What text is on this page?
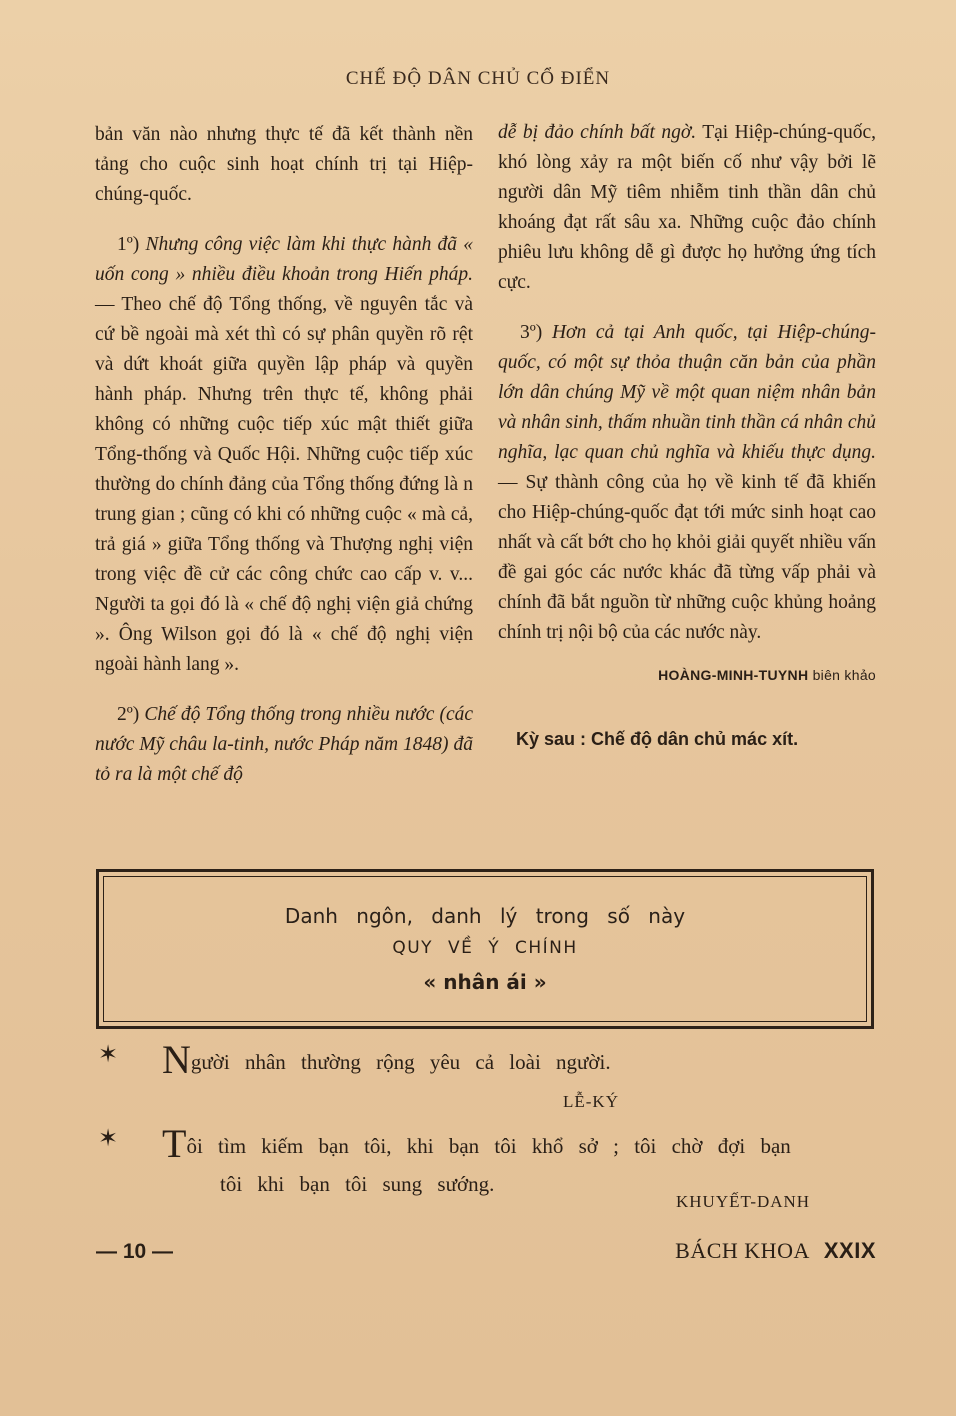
CHẾ ĐỘ DÂN CHỦ CỔ ĐIỂN

bản văn nào nhưng thực tế đã kết thành nền tảng cho cuộc sinh hoạt chính trị tại Hiệp-chúng-quốc.

1º) Nhưng công việc làm khi thực hành đã « uốn cong » nhiều điều khoản trong Hiến pháp. — Theo chế độ Tổng thống, về nguyên tắc và cứ bề ngoài mà xét thì có sự phân quyền rõ rệt và dứt khoát giữa quyền lập pháp và quyền hành pháp. Nhưng trên thực tế, không phải không có những cuộc tiếp xúc mật thiết giữa Tổng-thống và Quốc Hội. Những cuộc tiếp xúc thường do chính đảng của Tổng thống đứng là n trung gian ; cũng có khi có những cuộc « mà cả, trả giá » giữa Tổng thống và Thượng nghị viện trong việc đề cử các công chức cao cấp v. v... Người ta gọi đó là « chế độ nghị viện giả chứng ». Ông Wilson gọi đó là « chế độ nghị viện ngoài hành lang ».

2º) Chế độ Tổng thống trong nhiều nước (các nước Mỹ châu la-tinh, nước Pháp năm 1848) đã tỏ ra là một chế độ

dễ bị đảo chính bất ngờ. Tại Hiệp-chúng-quốc, khó lòng xảy ra một biến cố như vậy bởi lẽ người dân Mỹ tiêm nhiễm tinh thần dân chủ khoáng đạt rất sâu xa. Những cuộc đảo chính phiêu lưu không dễ gì được họ hưởng ứng tích cực.

3º) Hơn cả tại Anh quốc, tại Hiệp-chúng-quốc, có một sự thỏa thuận căn bản của phần lớn dân chúng Mỹ về một quan niệm nhân bản và nhân sinh, thấm nhuần tinh thần cá nhân chủ nghĩa, lạc quan chủ nghĩa và khiếu thực dụng. — Sự thành công của họ về kinh tế đã khiến cho Hiệp-chúng-quốc đạt tới mức sinh hoạt cao nhất và cất bớt cho họ khỏi giải quyết nhiều vấn đề gai góc các nước khác đã từng vấp phải và chính đã bắt nguồn từ những cuộc khủng hoảng chính trị nội bộ của các nước này.

HOÀNG-MINH-TUYNH biên khảo
Kỳ sau : Chế độ dân chủ mác xít.
Danh ngôn, danh lý trong số này
QUY VỀ Ý CHÍNH
« nhân ái »
✶ Người nhân thường rộng yêu cả loài người.
LỄ-KÝ
✶ Tôi tìm kiếm bạn tôi, khi bạn tôi khổ sở ; tôi chờ đợi bạn
tôi khi bạn tôi sung sướng.
KHUYẾT-DANH
— 10 —	BÁCH KHOA XXIX
